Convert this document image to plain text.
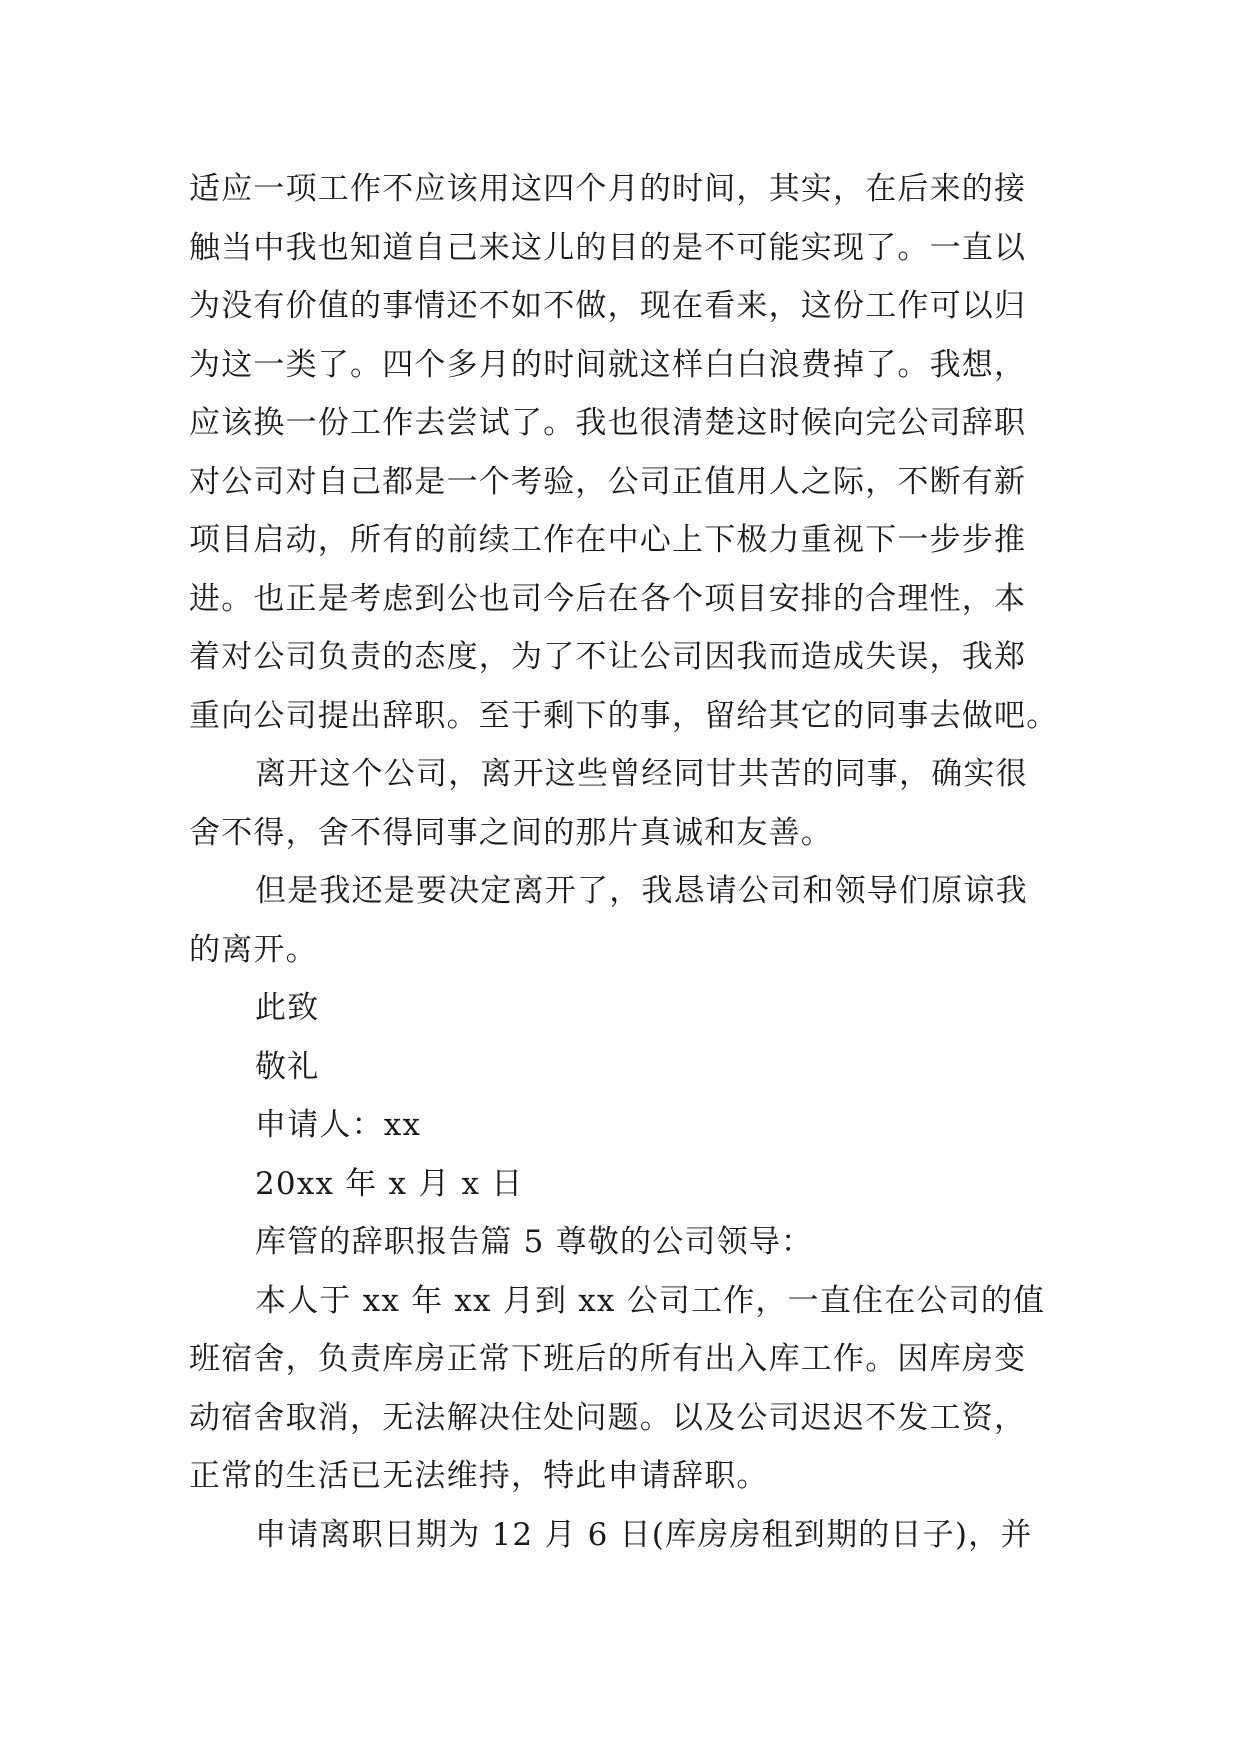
适应一项工作不应该用这四个月的时间，其实，在后来的接
触当中我也知道自己来这儿的目的是不可能实现了。一直以
为没有价值的事情还不如不做，现在看来，这份工作可以归
为这一类了。四个多月的时间就这样白白浪费掉了。我想，
应该换一份工作去尝试了。我也很清楚这时候向完公司辞职
对公司对自己都是一个考验，公司正值用人之际，不断有新
项目启动，所有的前续工作在中心上下极力重视下一步步推
进。也正是考虑到公也司今后在各个项目安排的合理性，本
着对公司负责的态度，为了不让公司因我而造成失误，我郑
重向公司提出辞职。至于剩下的事，留给其它的同事去做吧。
离开这个公司，离开这些曾经同甘共苦的同事，确实很
舍不得，舍不得同事之间的那片真诚和友善。
但是我还是要决定离开了，我恳请公司和领导们原谅我
的离开。
此致
敬礼
申请人：xx
20xx 年 x 月 x 日
库管的辞职报告篇 5 尊敬的公司领导：
本人于 xx 年 xx 月到 xx 公司工作，一直住在公司的值
班宿舍，负责库房正常下班后的所有出入库工作。因库房变
动宿舍取消，无法解决住处问题。以及公司迟迟不发工资，
正常的生活已无法维持，特此申请辞职。
申请离职日期为 12 月 6 日(库房房租到期的日子)，并
